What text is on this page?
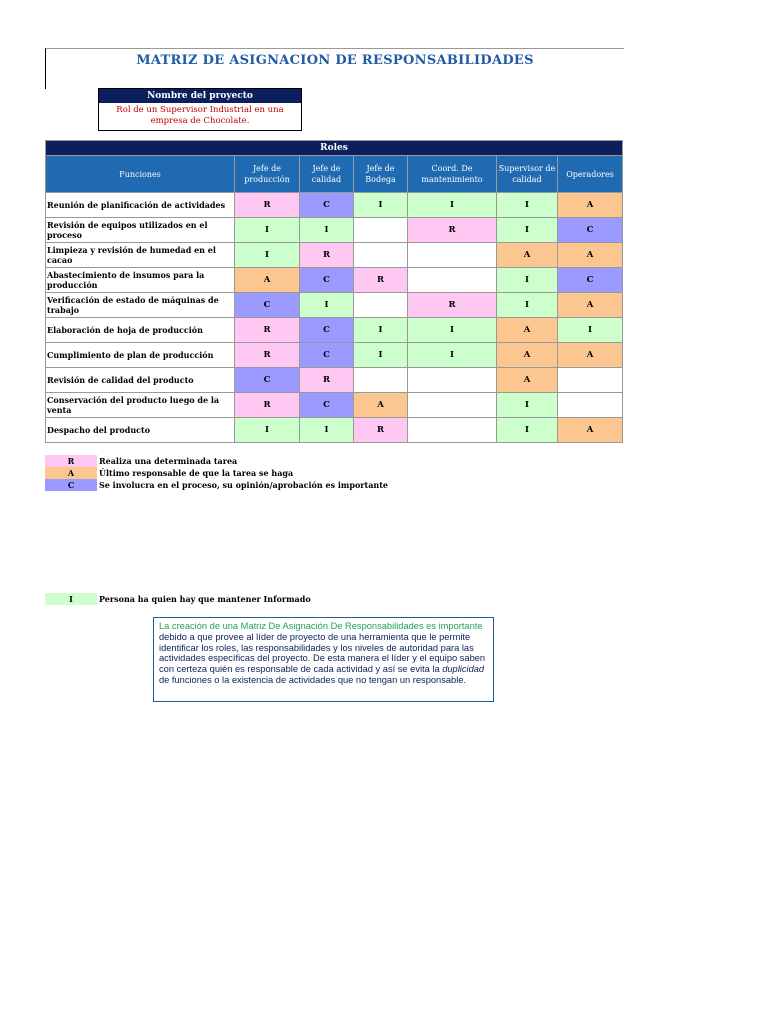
MATRIZ DE ASIGNACION DE RESPONSABILIDADES
Nombre del proyecto
Rol de un Supervisor Industrial en una empresa de Chocolate.
Roles						
Funciones	Jefe de producción	Jefe de calidad	Jefe de Bodega	Coord. De mantenimiento	Supervisor de calidad	Operadores
Reunión de planificación de actividades	R	C	I	I	I	A
Revisión de equipos utilizados en el proceso	I	I		R	I	C
Limpieza y revisión de humedad en el cacao	I	R			A	A
Abastecimiento de insumos para la producción	A	C	R		I	C
Verificación de estado de máquinas de trabajo	C	I		R	I	A
Elaboración de hoja de producción	R	C	I	I	A	I
Cumplimiento de plan de producción	R	C	I	I	A	A
Revisión de calidad del producto	C	R			A	
Conservación del producto luego de la venta	R	C	A		I	
Despacho del producto	I	I	R		I	A
R	Realiza una determinada tarea
A	Último responsable de que la tarea se haga
C	Se involucra en el proceso, su opinión/aprobación es importante
I	Persona ha quien hay que mantener Informado
La creación de una Matriz De Asignación De Responsabilidades es importante debido a que provee al líder de proyecto de una herramienta que le permite identificar los roles, las responsabilidades y los niveles de autoridad para las actividades específicas del proyecto. De esta manera el líder y el equipo saben con certeza quién es responsable de cada actividad y así se evita la duplicidad de funciones o la existencia de actividades que no tengan un responsable.
